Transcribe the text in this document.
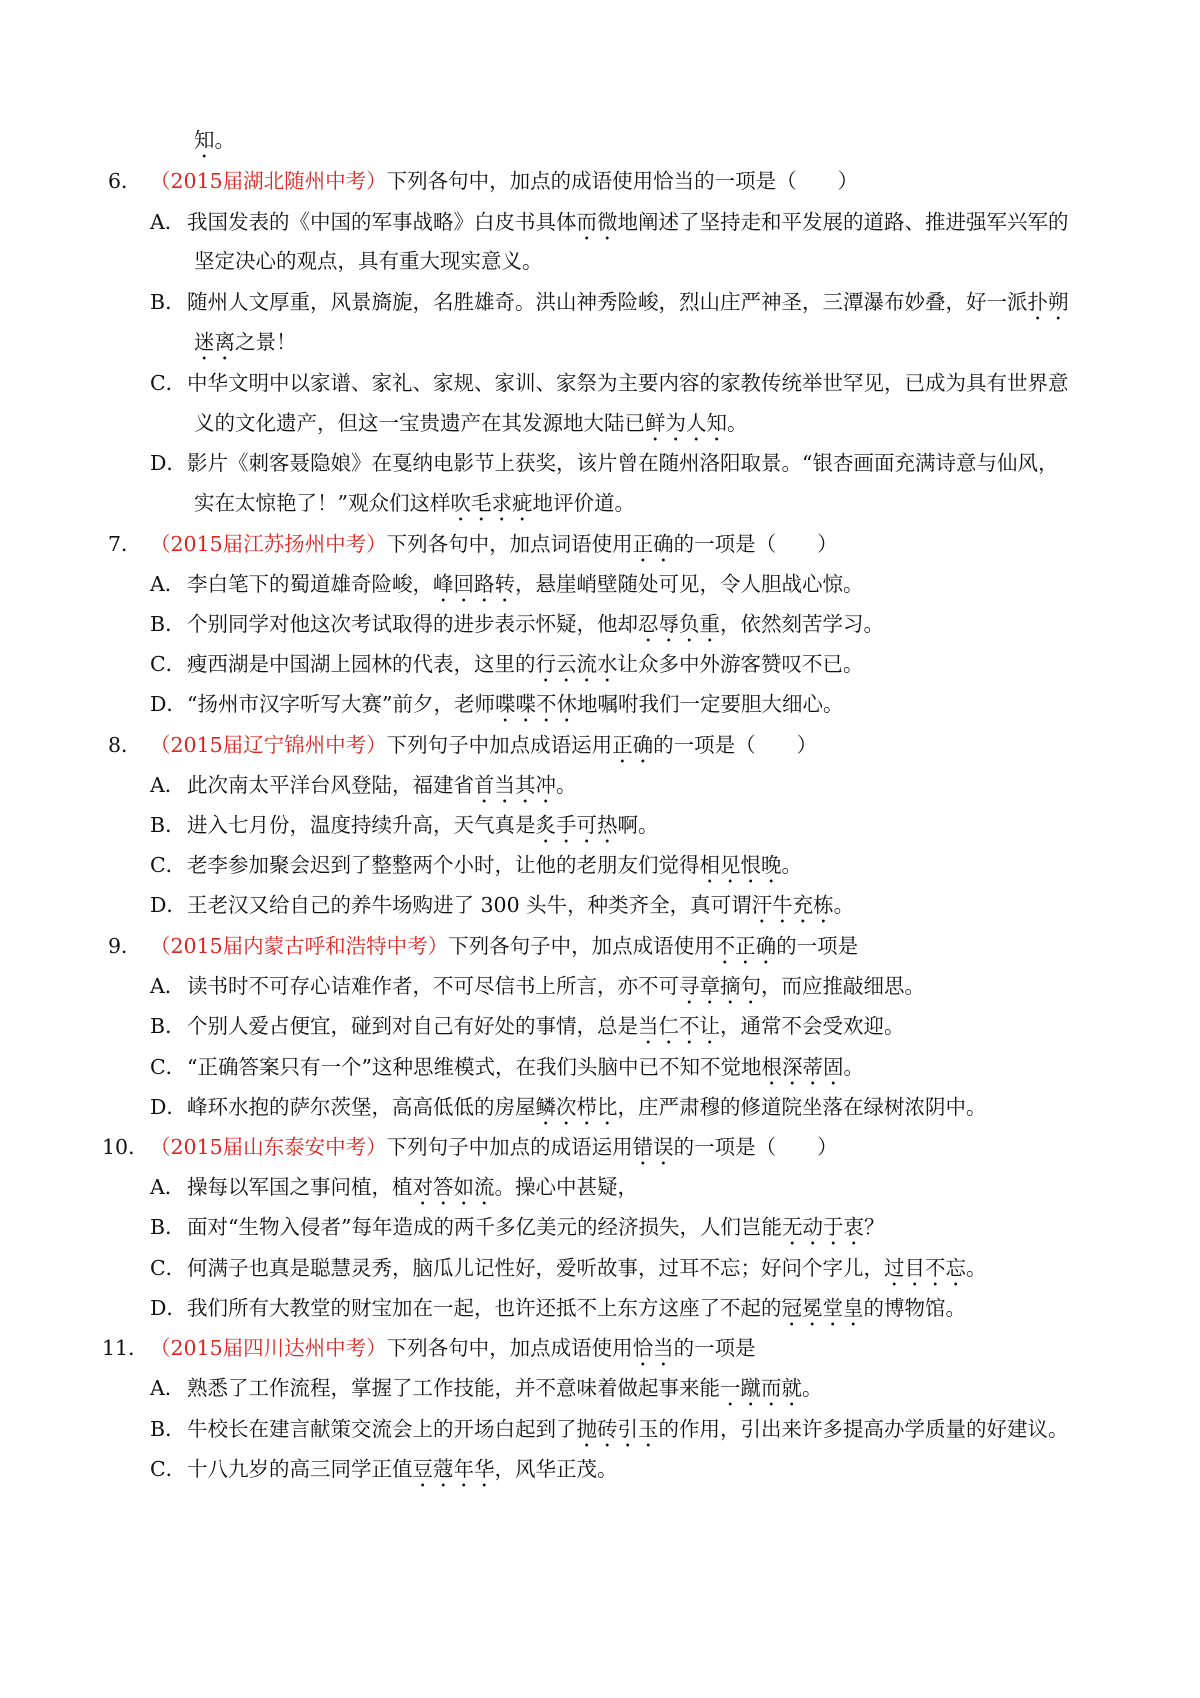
知。
6． （2015届湖北随州中考）下列各句中，加点的成语使用恰当的一项是（　　）
A． 我国发表的《中国的军事战略》白皮书具体而微地阐述了坚持走和平发展的道路、推进强军兴军的
坚定决心的观点，具有重大现实意义。
B． 随州人文厚重，风景旖旎，名胜雄奇。洪山神秀险峻，烈山庄严神圣，三潭瀑布妙叠，好一派扑朔
迷离之景！
C． 中华文明中以家谱、家礼、家规、家训、家祭为主要内容的家教传统举世罕见，已成为具有世界意
义的文化遗产，但这一宝贵遗产在其发源地大陆已鲜为人知。
D． 影片《刺客聂隐娘》在戛纳电影节上获奖，该片曾在随州洛阳取景。“银杏画面充满诗意与仙风，
实在太惊艳了！”观众们这样吹毛求疵地评价道。
7． （2015届江苏扬州中考）下列各句中，加点词语使用正确的一项是（　　）
A． 李白笔下的蜀道雄奇险峻，峰回路转，悬崖峭壁随处可见，令人胆战心惊。
B． 个别同学对他这次考试取得的进步表示怀疑，他却忍辱负重，依然刻苦学习。
C． 瘦西湖是中国湖上园林的代表，这里的行云流水让众多中外游客赞叹不已。
D． “扬州市汉字听写大赛”前夕，老师喋喋不休地嘱咐我们一定要胆大细心。
8． （2015届辽宁锦州中考）下列句子中加点成语运用正确的一项是（　　）
A． 此次南太平洋台风登陆，福建省首当其冲。
B． 进入七月份，温度持续升高，天气真是炙手可热啊。
C． 老李参加聚会迟到了整整两个小时，让他的老朋友们觉得相见恨晚。
D． 王老汉又给自己的养牛场购进了 300 头牛，种类齐全，真可谓汗牛充栋。
9． （2015届内蒙古呼和浩特中考）下列各句子中，加点成语使用不正确的一项是
A． 读书时不可存心诘难作者，不可尽信书上所言，亦不可寻章摘句，而应推敲细思。
B． 个别人爱占便宜，碰到对自己有好处的事情，总是当仁不让，通常不会受欢迎。
C． “正确答案只有一个”这种思维模式，在我们头脑中已不知不觉地根深蒂固。
D． 峰环水抱的萨尔茨堡，高高低低的房屋鳞次栉比，庄严肃穆的修道院坐落在绿树浓阴中。
10． （2015届山东泰安中考）下列句子中加点的成语运用错误的一项是（　　）
A． 操每以军国之事问植，植对答如流。操心中甚疑，
B． 面对“生物入侵者”每年造成的两千多亿美元的经济损失，人们岂能无动于衷？
C． 何满子也真是聪慧灵秀，脑瓜儿记性好，爱听故事，过耳不忘；好问个字儿，过目不忘。
D． 我们所有大教堂的财宝加在一起，也许还抵不上东方这座了不起的冠冕堂皇的博物馆。
11． （2015届四川达州中考）下列各句中，加点成语使用恰当的一项是
A． 熟悉了工作流程，掌握了工作技能，并不意味着做起事来能一蹴而就。
B． 牛校长在建言献策交流会上的开场白起到了抛砖引玉的作用，引出来许多提高办学质量的好建议。
C． 十八九岁的高三同学正值豆蔻年华，风华正茂。
